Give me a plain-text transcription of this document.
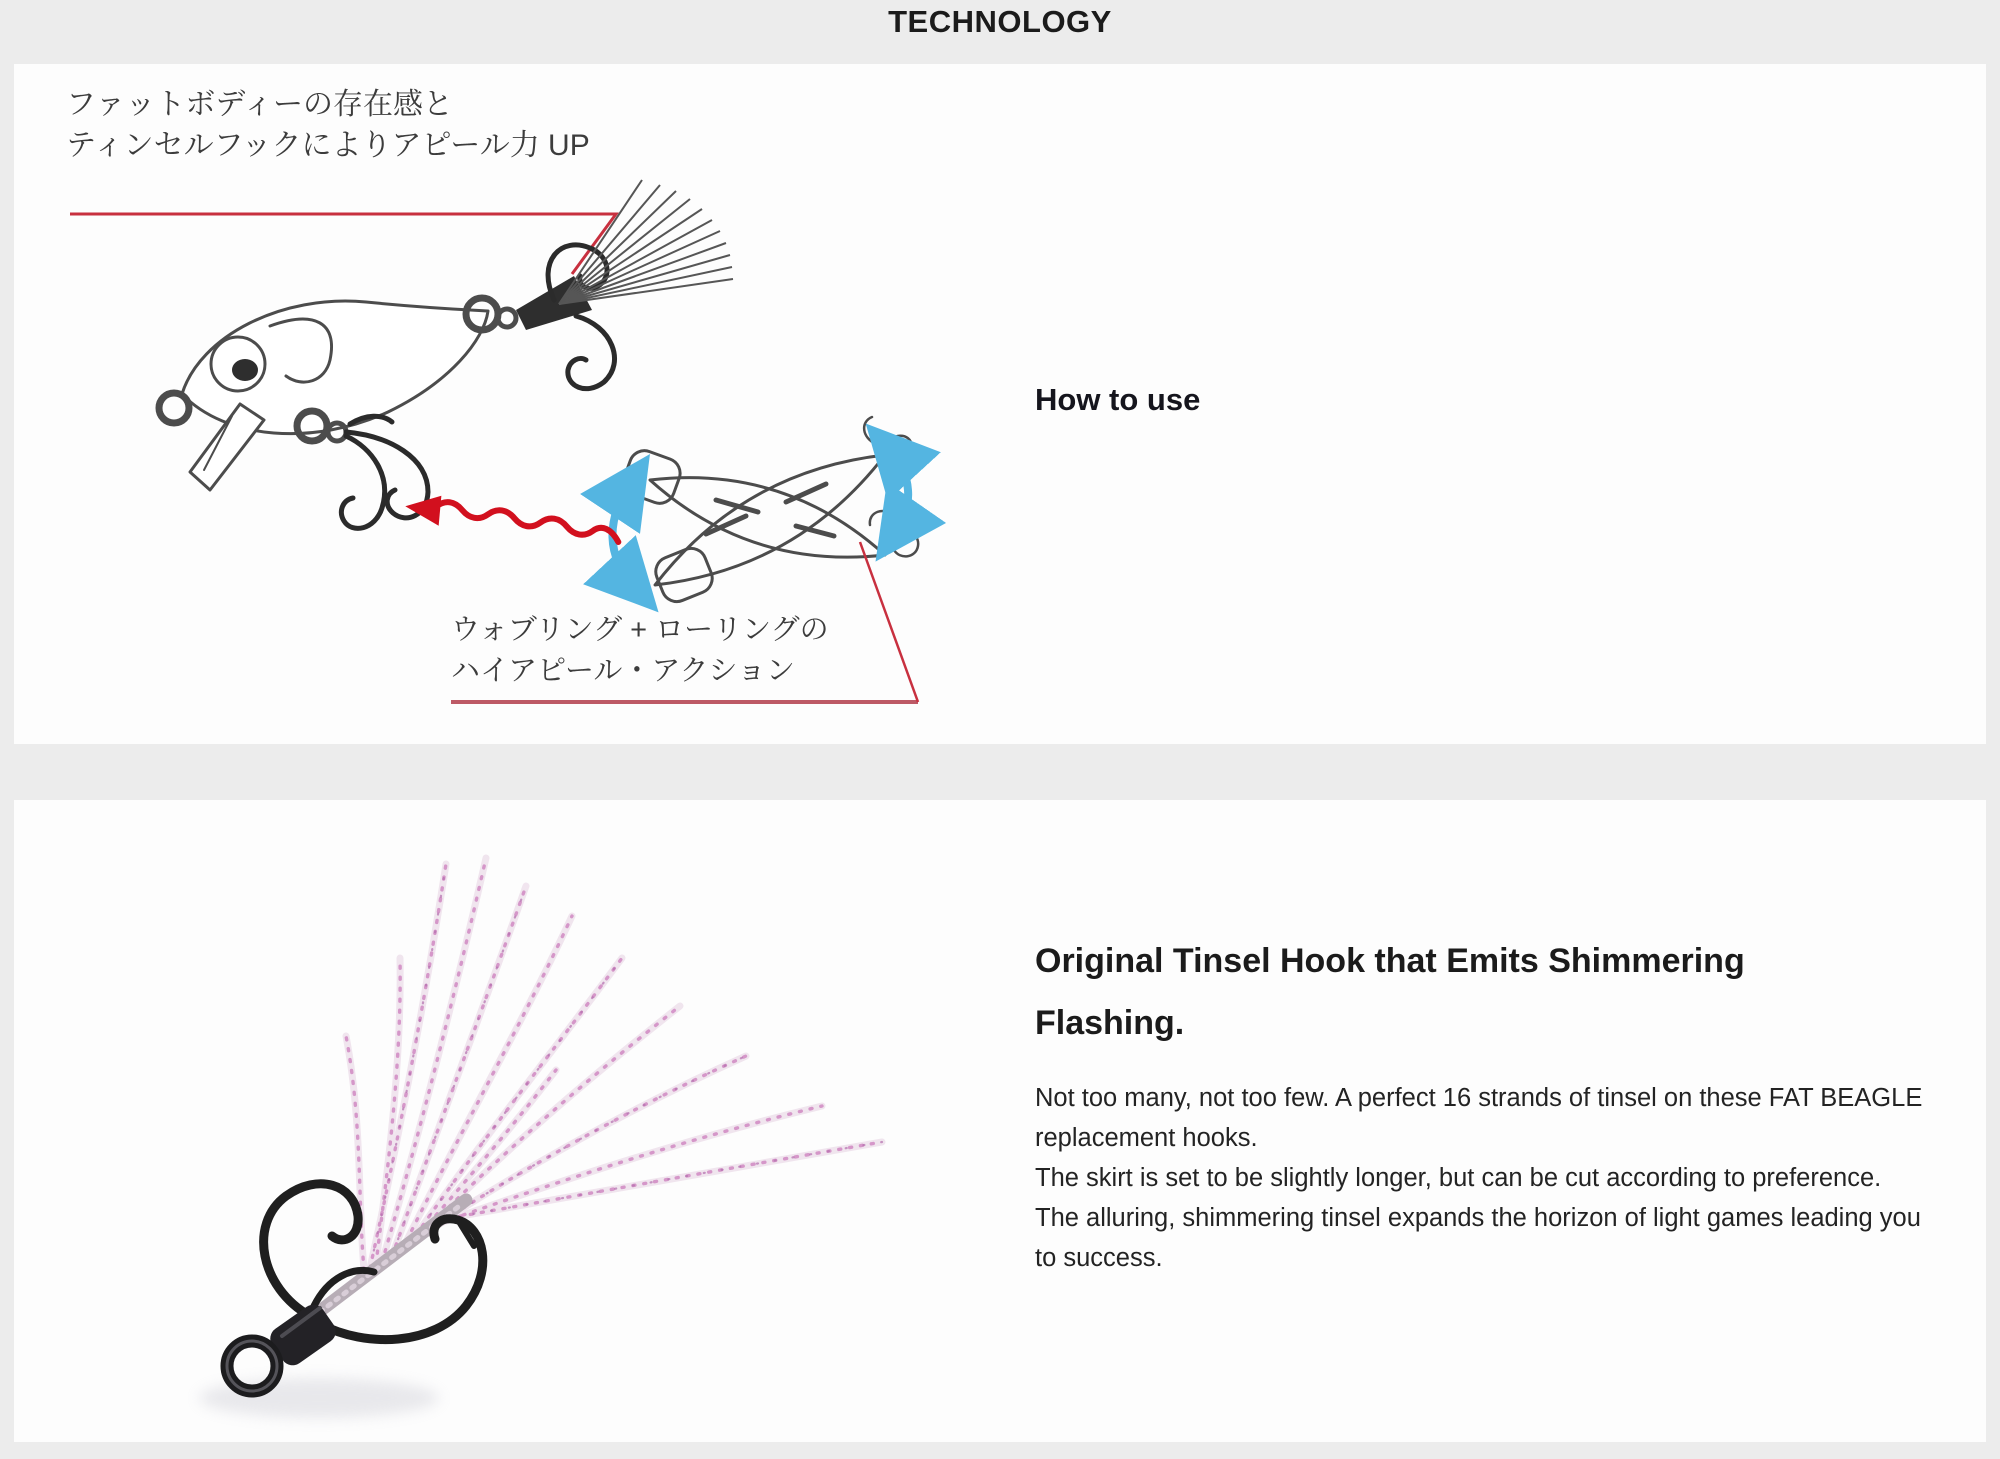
TECHNOLOGY
ファットボディーの存在感と
ティンセルフックによりアピール力 UP
How to use
ウォブリング + ローリングの
ハイアピール・アクション
Original Tinsel Hook that Emits Shimmering
Flashing.
Not too many, not too few. A perfect 16 strands of tinsel on these FAT BEAGLE
replacement hooks.
The skirt is set to be slightly longer, but can be cut according to preference.
The alluring, shimmering tinsel expands the horizon of light games leading you
to success.
